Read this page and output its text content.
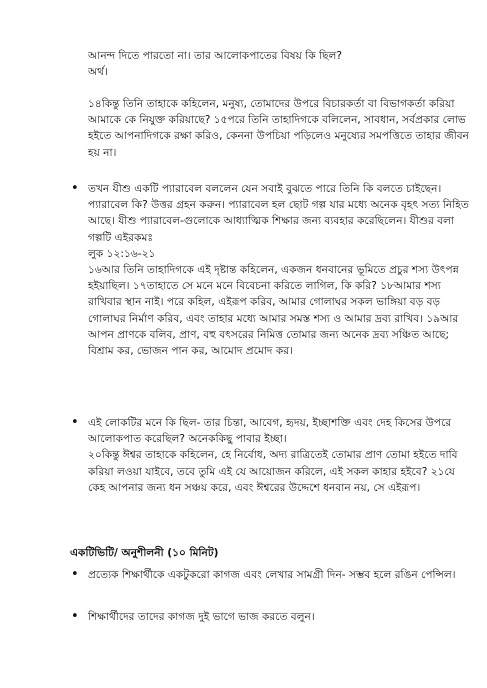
আনন্দ দিতে পারতো না। তার আলোকপাতের বিষয় কি ছিল?
অর্থ।
১৪কিন্তু তিনি তাহাকে কহিলেন, মনুষ্য, তোমাদের উপরে বিচারকর্তা বা বিভাগকর্তা করিয়া আমাকে কে নিযুক্ত করিয়াছে? ১৫পরে তিনি তাহাদিগকে বলিলেন, সাবধান, সর্বপ্রকার লোভ হইতে আপনাদিগকে রক্ষা করিও, কেননা উপচিয়া পড়িলেও মনুষ্যের সমপত্তিতে তাহার জীবন হয় না।
• তখন যীশু একটি প্যারাবেল বললেন যেন সবাই বুঝতে পারে তিনি কি বলতে চাইছেন। প্যারাবেল কি? উত্তর গ্রহন করুন। প্যারাবেল হল ছোট গল্প যার মধ্যে অনেক বৃহৎ সত্য নিহিত আছে। যীশু প্যারাবেল-গুলোকে আধ্যাত্মিক শিক্ষার জন্য ব্যবহার করেছিলেন। যীশুর বলা গল্পটি এইরকমঃ
লুক ১২:১৬-২১
১৬আর তিনি তাহাদিগকে এই দৃষ্টান্ত কহিলেন, একজন ধনবানের ভূমিতে প্রচুর শস্য উৎপন্ন হইয়াছিল। ১৭তাহাতে সে মনে মনে বিবেচনা করিতে লাগিল, কি করি? ১৮আমার শস্য রাখিবার স্থান নাই। পরে কহিল, এইরূপ করিব, আমার গোলাঘর সকল ভাঙ্গিয়া বড় বড় গোলাঘর নির্মাণ করিব, এবং তাহার মধ্যে আমার সমস্ত শস্য ও আমার দ্রব্য রাখিব। ১৯আর আপন প্রাণকে বলিব, প্রাণ, বহু বৎসরের নিমিত্ত তোমার জন্য অনেক দ্রব্য সঞ্চিত আছে; বিশ্রাম কর, ভোজন পান কর, আমোদ প্রমোদ কর।
• এই লোকটির মনে কি ছিল- তার চিন্তা, আবেগ, হৃদয়, ইচ্ছাশক্তি এবং দেহ কিসের উপরে আলোকপাত করেছিল? অনেককিছু পাবার ইচ্ছা।
২০কিন্তু ঈশ্বর তাহাকে কহিলেন, হে নির্বোধ, অদ্য রাত্রিতেই তোমার প্রাণ তোমা হইতে দাবি করিয়া লওয়া যাইবে, তবে তুমি এই যে আয়োজন করিলে, এই সকল কাহার হইবে? ২১যে কেহ আপনার জন্য ধন সঞ্চয় করে, এবং ঈশ্বরের উদ্দেশে ধনবান নয়, সে এইরূপ।
একটিভিটি/ অনুশীলনী (১০ মিনিট)
• প্রত্যেক শিক্ষার্থীকে একটুকরো কাগজ এবং লেখার সামগ্রী দিন- সম্ভব হলে রঙিন পেন্সিল।
• শিক্ষার্থীদের তাদের কাগজ দুই ভাগে ভাজ করতে বলুন।
